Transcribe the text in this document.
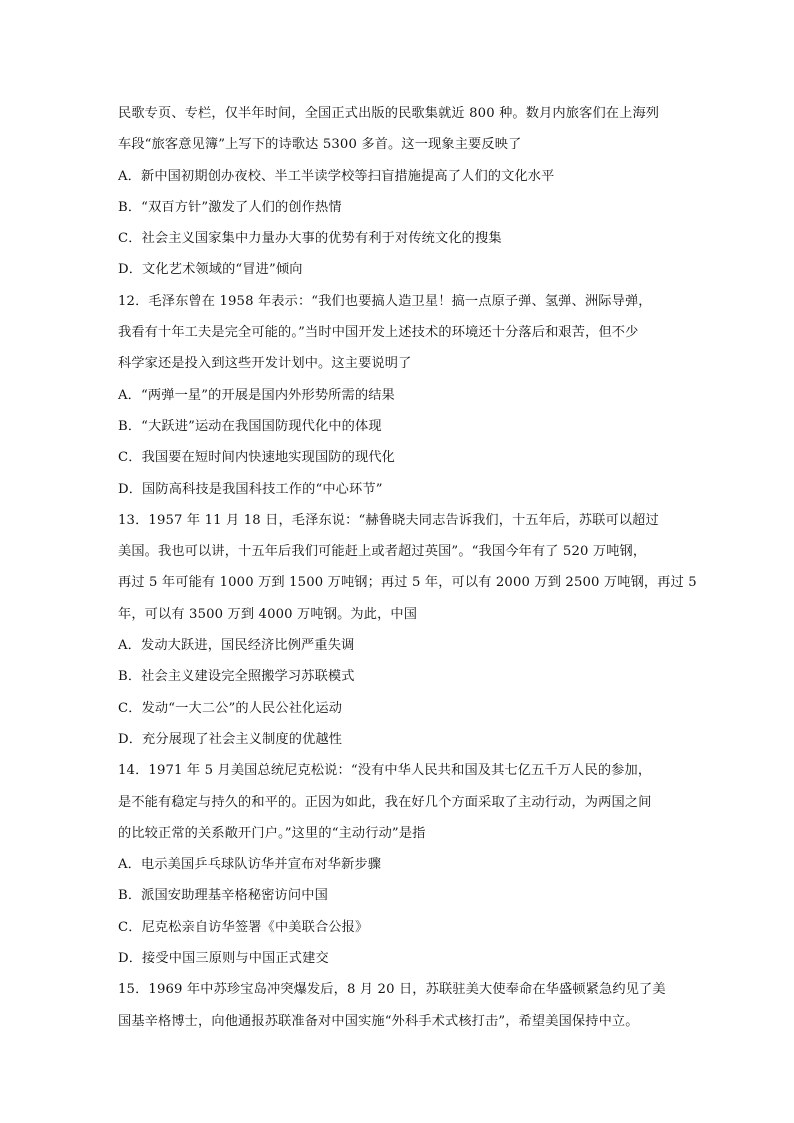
民歌专页、专栏，仅半年时间，全国正式出版的民歌集就近 800 种。数月内旅客们在上海列
车段“旅客意见簿”上写下的诗歌达 5300 多首。这一现象主要反映了
A．新中国初期创办夜校、半工半读学校等扫盲措施提高了人们的文化水平
B．“双百方针”激发了人们的创作热情
C．社会主义国家集中力量办大事的优势有利于对传统文化的搜集
D．文化艺术领域的“冒进”倾向
12．毛泽东曾在 1958 年表示：“我们也要搞人造卫星！搞一点原子弹、氢弹、洲际导弹，
我看有十年工夫是完全可能的。”当时中国开发上述技术的环境还十分落后和艰苦，但不少
科学家还是投入到这些开发计划中。这主要说明了
A．“两弹一星”的开展是国内外形势所需的结果
B．“大跃进”运动在我国国防现代化中的体现
C．我国要在短时间内快速地实现国防的现代化
D．国防高科技是我国科技工作的“中心环节”
13．1957 年 11 月 18 日，毛泽东说：“赫鲁晓夫同志告诉我们，十五年后，苏联可以超过
美国。我也可以讲，十五年后我们可能赶上或者超过英国”。“我国今年有了 520 万吨钢，
再过 5 年可能有 1000 万到 1500 万吨钢；再过 5 年，可以有 2000 万到 2500 万吨钢，再过 5
年，可以有 3500 万到 4000 万吨钢。为此，中国
A．发动大跃进，国民经济比例严重失调
B．社会主义建设完全照搬学习苏联模式
C．发动“一大二公”的人民公社化运动
D．充分展现了社会主义制度的优越性
14．1971 年 5 月美国总统尼克松说：“没有中华人民共和国及其七亿五千万人民的参加，
是不能有稳定与持久的和平的。正因为如此，我在好几个方面采取了主动行动，为两国之间
的比较正常的关系敞开门户。”这里的“主动行动”是指
A．电示美国乒乓球队访华并宣布对华新步骤
B．派国安助理基辛格秘密访问中国
C．尼克松亲自访华签署《中美联合公报》
D．接受中国三原则与中国正式建交
15．1969 年中苏珍宝岛冲突爆发后，8 月 20 日，苏联驻美大使奉命在华盛顿紧急约见了美
国基辛格博士，向他通报苏联准备对中国实施“外科手术式核打击”，希望美国保持中立。
